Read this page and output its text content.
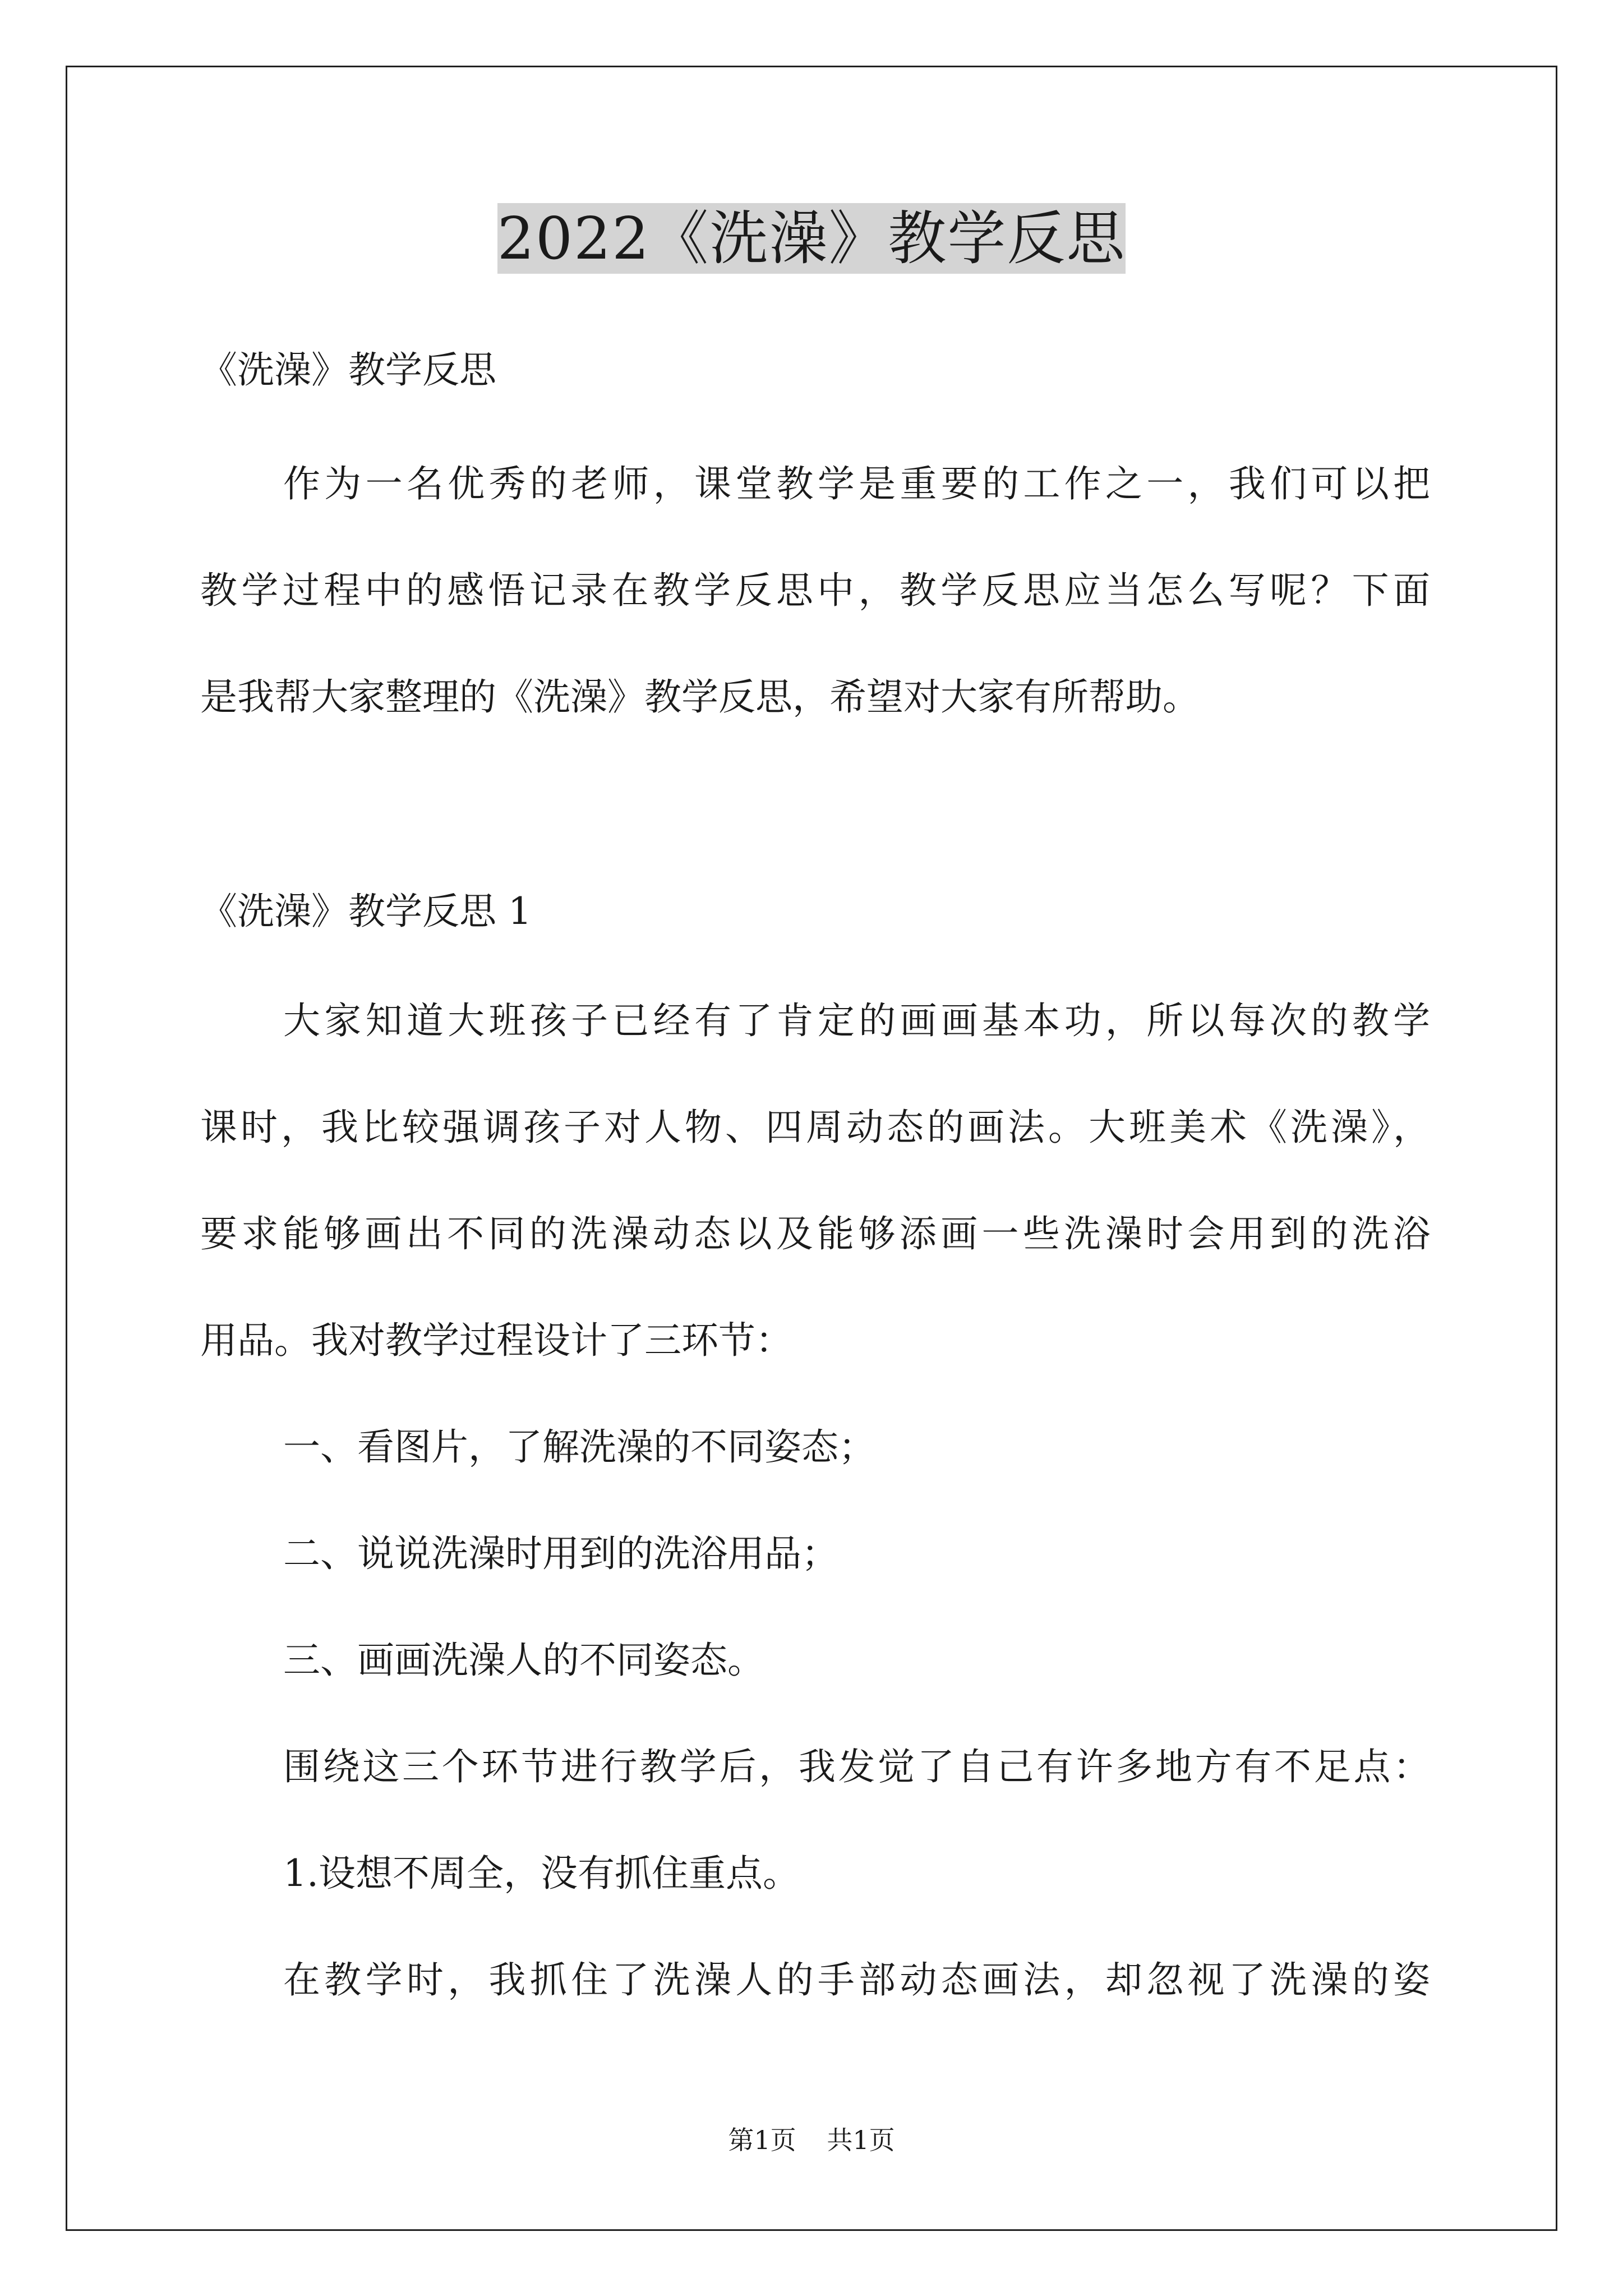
2022《洗澡》教学反思

《洗澡》教学反思

作为一名优秀的老师，课堂教学是重要的工作之一，我们可以把

教学过程中的感悟记录在教学反思中，教学反思应当怎么写呢？下面

是我帮大家整理的《洗澡》教学反思，希望对大家有所帮助。

《洗澡》教学反思 1

大家知道大班孩子已经有了肯定的画画基本功，所以每次的教学

课时，我比较强调孩子对人物、四周动态的画法。大班美术《洗澡》，

要求能够画出不同的洗澡动态以及能够添画一些洗澡时会用到的洗浴

用品。我对教学过程设计了三环节：

一、看图片，了解洗澡的不同姿态；

二、说说洗澡时用到的洗浴用品；

三、画画洗澡人的不同姿态。

围绕这三个环节进行教学后，我发觉了自己有许多地方有不足点：

1.设想不周全，没有抓住重点。

在教学时，我抓住了洗澡人的手部动态画法，却忽视了洗澡的姿

第1页 共1页
